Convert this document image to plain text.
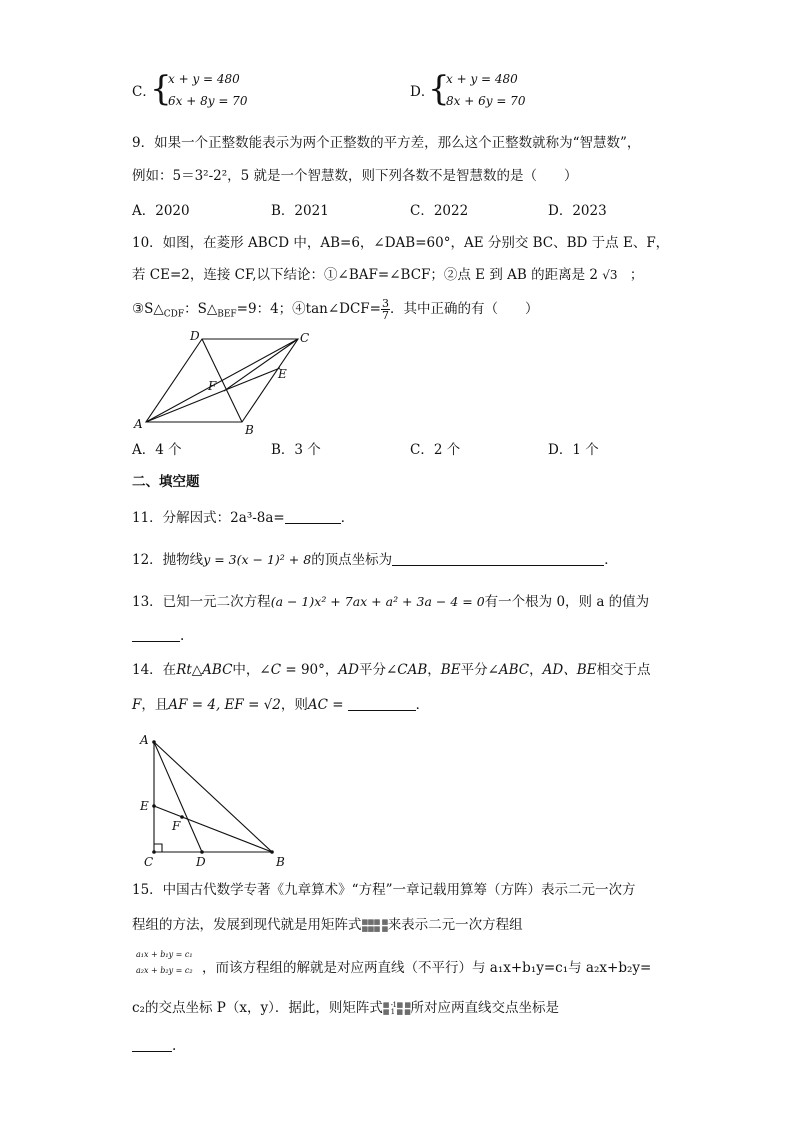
C．
{
x + y = 480
6x + 8y = 70
D．
{
x + y = 480
8x + 6y = 70
9．如果一个正整数能表示为两个正整数的平方差，那么这个正整数就称为“智慧数”，
例如：5＝3²-2²，5 就是一个智慧数，则下列各数不是智慧数的是（　　）
A．2020	B．2021	C．2022	D．2023
10．如图，在菱形 ABCD 中，AB=6，∠DAB=60°，AE 分别交 BC、BD 于点 E、F，
若 CE=2，连接 CF,以下结论：①∠BAF=∠BCF；②点 E 到 AB 的距离是 2 √3 ；
$③S\triangle_{CDF}$：$S\triangle_{BEF}=9$：4；④tan∠DCF= $\frac{3}{7}$ ．其中正确的有（　　）
A	B
C
D
E
F
A．4 个	B．3 个	C．2 个	D．1 个
二、填空题
11．分解因式：2a³-8a=	．
12．抛物线y = 3(x − 1)² + 8的顶点坐标为	．
13．已知一元二次方程(a − 1)x² + 7ax + a² + 3a − 4 = 0有一个根为 0，则 a 的值为
.
14．在Rt△ABC中，∠C = 90°，AD平分∠CAB，BE平分∠ABC，AD、BE相交于点
F，且AF = 4, EF = √2，则AC =	．
A
E
F
C	D	B
15．中国古代数学专著《九章算术》“方程”一章记载用算筹（方阵）表示二元一次方
程组的方法，发展到现代就是用矩阵式▦▦▦ ▦
▦▦▦ ▦来表示二元一次方程组
a₁x + b₁y = c₁
a₂x + b₂y = c₂ ，而该方程组的解就是对应两直线（不平行）与 a₁x+b₁y=c₁与 a₂x+b₂y=
c₂的交点坐标 P（x，y）．据此，则矩阵式▦ -1▦ ▦
▦ 1 ▦ ▦所对应两直线交点坐标是
.
